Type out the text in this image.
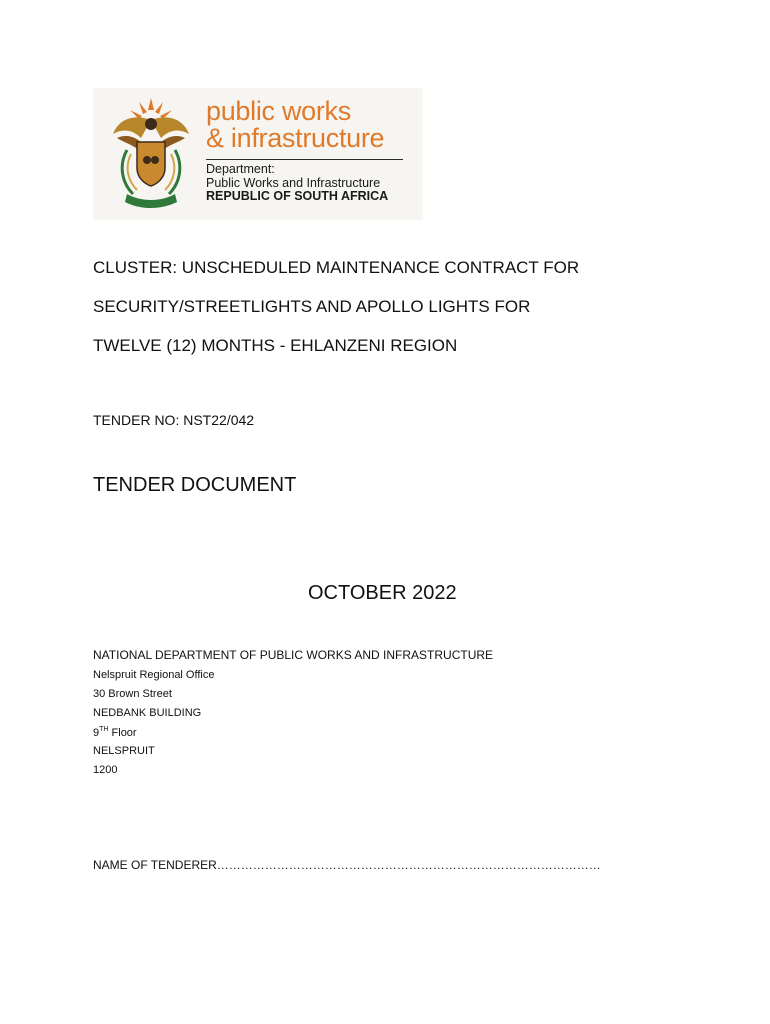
public works
& infrastructure
Department:
Public Works and Infrastructure
REPUBLIC OF SOUTH AFRICA
CLUSTER: UNSCHEDULED MAINTENANCE CONTRACT FOR
SECURITY/STREETLIGHTS AND APOLLO LIGHTS FOR
TWELVE (12) MONTHS - EHLANZENI REGION
TENDER NO: NST22/042
TENDER DOCUMENT
OCTOBER 2022
NATIONAL DEPARTMENT OF PUBLIC WORKS AND INFRASTRUCTURE
Nelspruit Regional Office
30 Brown Street
NEDBANK BUILDING
9TH Floor
NELSPRUIT
1200
NAME OF TENDERER……………………………………………………………………………………
